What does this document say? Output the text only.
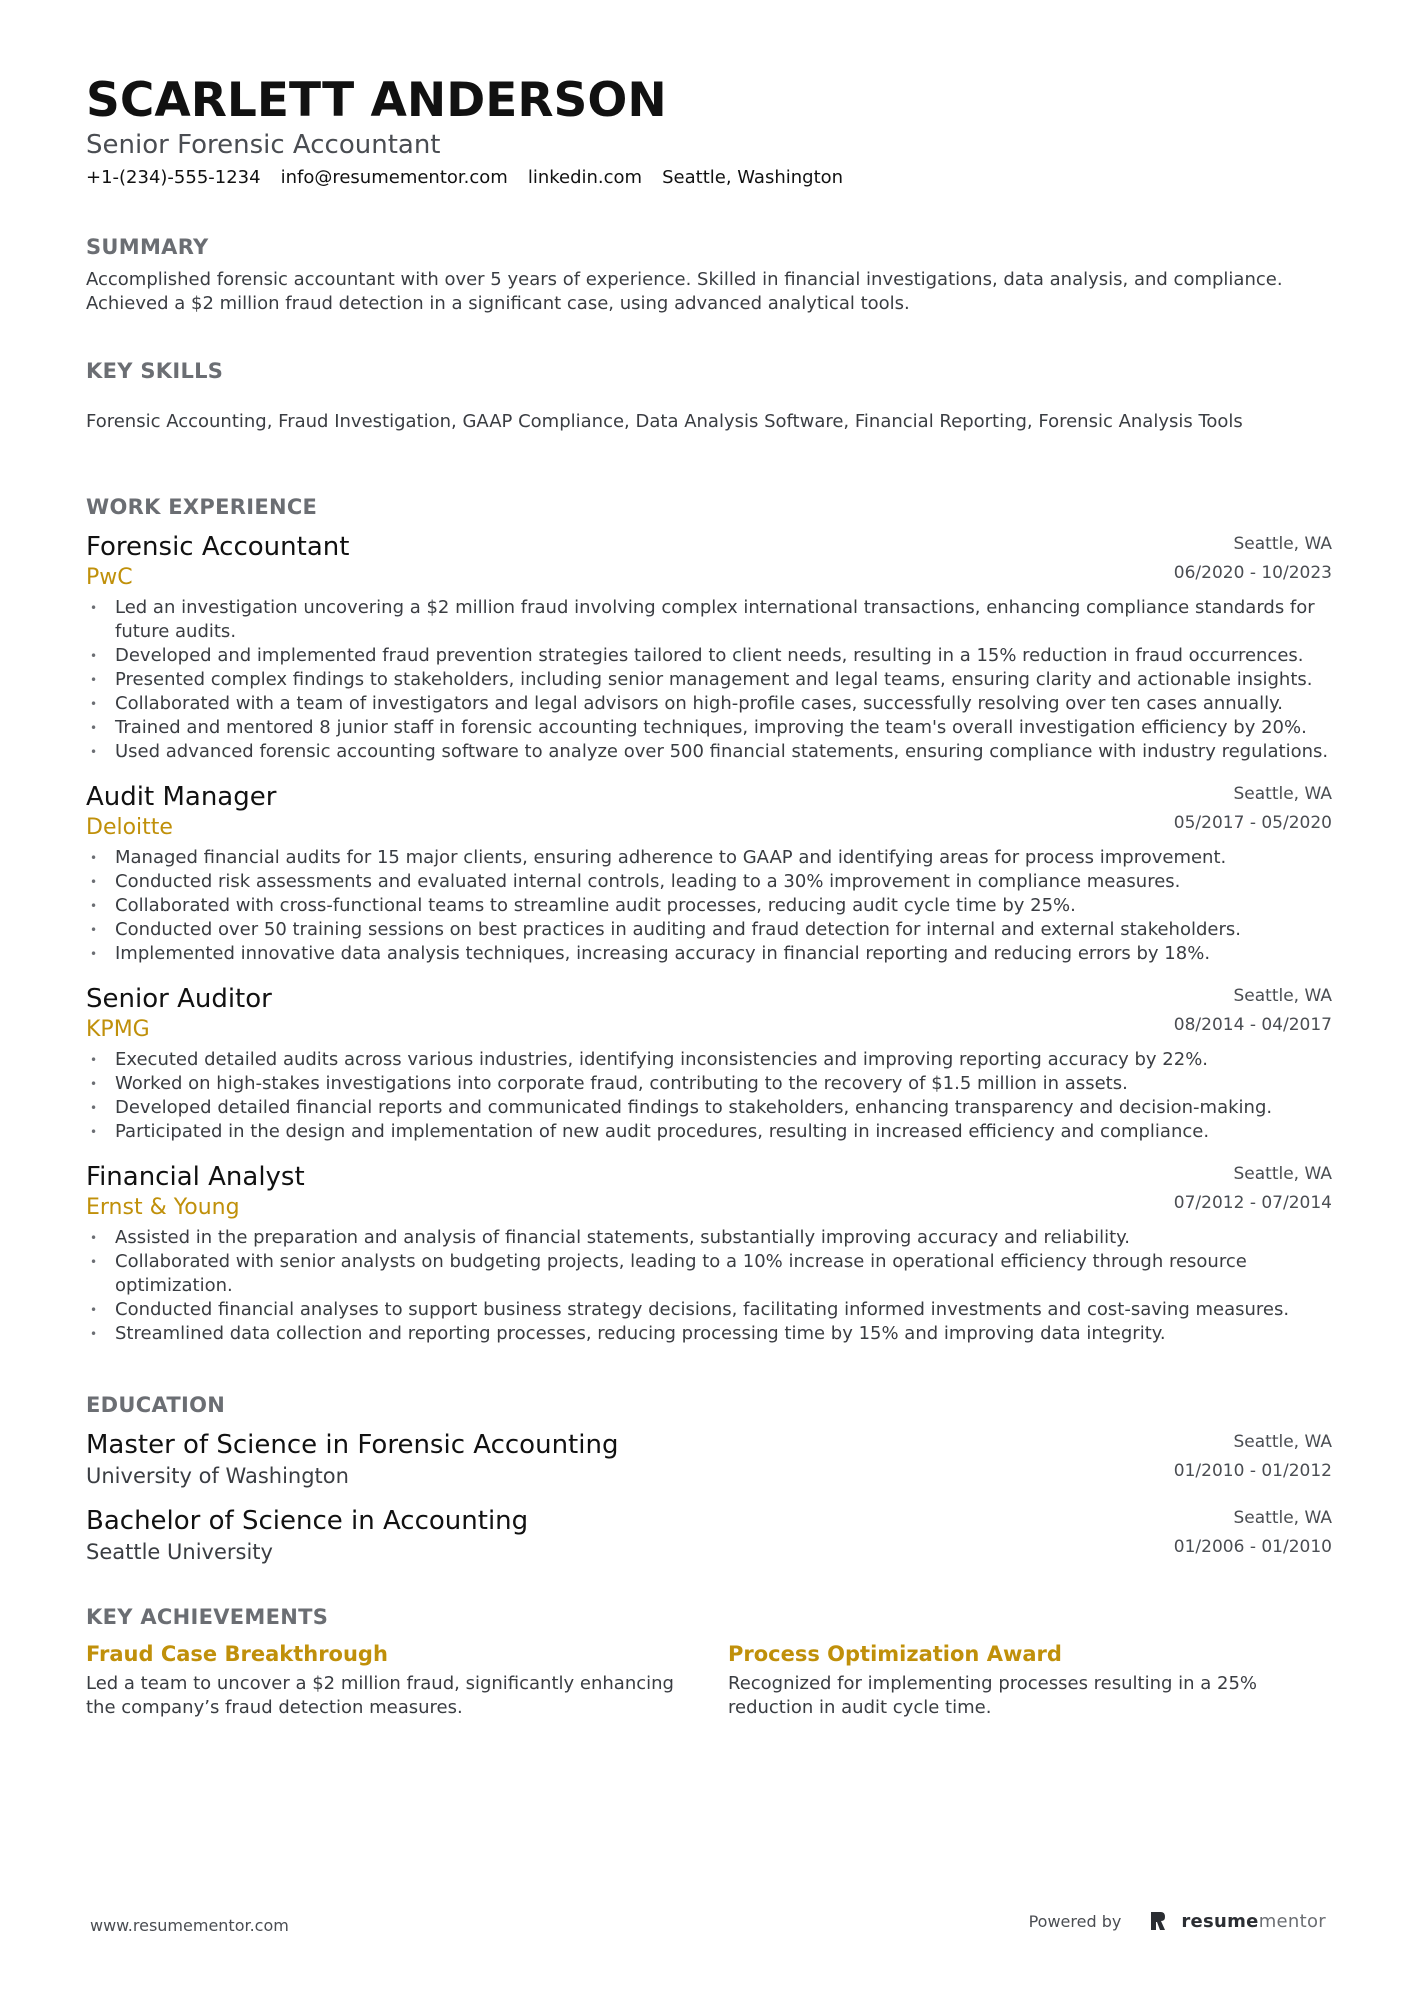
SCARLETT ANDERSON
Senior Forensic Accountant
+1-(234)-555-1234 info@resumementor.com linkedin.com Seattle, Washington
SUMMARY
Accomplished forensic accountant with over 5 years of experience. Skilled in financial investigations, data analysis, and compliance. Achieved a $2 million fraud detection in a significant case, using advanced analytical tools.
KEY SKILLS
Forensic Accounting, Fraud Investigation, GAAP Compliance, Data Analysis Software, Financial Reporting, Forensic Analysis Tools
WORK EXPERIENCE
Forensic Accountant
PwC
Seattle, WA
06/2020 - 10/2023
• Led an investigation uncovering a $2 million fraud involving complex international transactions, enhancing compliance standards for future audits.
• Developed and implemented fraud prevention strategies tailored to client needs, resulting in a 15% reduction in fraud occurrences.
• Presented complex findings to stakeholders, including senior management and legal teams, ensuring clarity and actionable insights.
• Collaborated with a team of investigators and legal advisors on high-profile cases, successfully resolving over ten cases annually.
• Trained and mentored 8 junior staff in forensic accounting techniques, improving the team's overall investigation efficiency by 20%.
• Used advanced forensic accounting software to analyze over 500 financial statements, ensuring compliance with industry regulations.
Audit Manager
Deloitte
Seattle, WA
05/2017 - 05/2020
• Managed financial audits for 15 major clients, ensuring adherence to GAAP and identifying areas for process improvement.
• Conducted risk assessments and evaluated internal controls, leading to a 30% improvement in compliance measures.
• Collaborated with cross-functional teams to streamline audit processes, reducing audit cycle time by 25%.
• Conducted over 50 training sessions on best practices in auditing and fraud detection for internal and external stakeholders.
• Implemented innovative data analysis techniques, increasing accuracy in financial reporting and reducing errors by 18%.
Senior Auditor
KPMG
Seattle, WA
08/2014 - 04/2017
• Executed detailed audits across various industries, identifying inconsistencies and improving reporting accuracy by 22%.
• Worked on high-stakes investigations into corporate fraud, contributing to the recovery of $1.5 million in assets.
• Developed detailed financial reports and communicated findings to stakeholders, enhancing transparency and decision-making.
• Participated in the design and implementation of new audit procedures, resulting in increased efficiency and compliance.
Financial Analyst
Ernst & Young
Seattle, WA
07/2012 - 07/2014
• Assisted in the preparation and analysis of financial statements, substantially improving accuracy and reliability.
• Collaborated with senior analysts on budgeting projects, leading to a 10% increase in operational efficiency through resource optimization.
• Conducted financial analyses to support business strategy decisions, facilitating informed investments and cost-saving measures.
• Streamlined data collection and reporting processes, reducing processing time by 15% and improving data integrity.
EDUCATION
Master of Science in Forensic Accounting
University of Washington
Seattle, WA
01/2010 - 01/2012
Bachelor of Science in Accounting
Seattle University
Seattle, WA
01/2006 - 01/2010
KEY ACHIEVEMENTS
Fraud Case Breakthrough
Led a team to uncover a $2 million fraud, significantly enhancing the company’s fraud detection measures.
Process Optimization Award
Recognized for implementing processes resulting in a 25% reduction in audit cycle time.
www.resumementor.com	Powered by	resumementor
